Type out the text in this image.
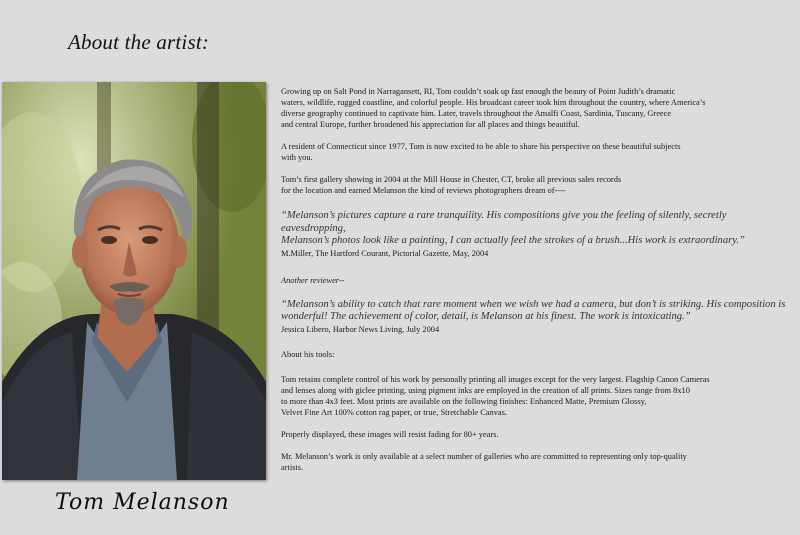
About the artist:
Tom Melanson

Growing up on Salt Pond in Narragansett, RI, Tom couldn’t soak up fast enough the beauty of Point Judith’s dramatic
waters, wildlife, rugged coastline, and colorful people. His broadcast career took him throughout the country, where America’s
diverse geography continued to captivate him. Later, travels throughout the Amalfi Coast, Sardinia, Tuscany, Greece
and central Europe, further broadened his appreciation for all places and things beautiful.

A resident of Connecticut since 1977, Tom is now excited to be able to share his perspective on these beautiful subjects
with you.

Tom’s first gallery showing in 2004 at the Mill House in Chester, CT, broke all previous sales records
for the location and earned Melanson the kind of reviews photographers dream of----

“Melanson’s pictures capture a rare tranquility. His compositions give you the feeling of silently, secretly eavesdropping,
Melanson’s photos look like a painting, I can actually feel the strokes of a brush...His work is extraordinary.”

M.Miller, The Hartford Courant, Pictorial Gazette, May, 2004

Another reviewer--

“Melanson’s ability to catch that rare moment when we wish we had a camera, but don’t is striking. His composition is
wonderful! The achievement of color, detail, is Melanson at his finest. The work is intoxicating.”

Jessica Libero, Harbor News Living, July 2004

About his tools:

Tom retains complete control of his work by personally printing all images except for the very largest. Flagship Canon Cameras
and lenses along with giclee printing, using pigment inks are employed in the creation of all prints. Sizes range from 8x10
to more than 4x3 feet. Most prints are available on the following finishes: Enhanced Matte, Premium Glossy,
Velvet Fine Art 100% cotton rag paper, or true, Stretchable Canvas.

Properly displayed, these images will resist fading for 80+ years.

Mr. Melanson’s work is only available at a select number of galleries who are committed to representing only top-quality
artists.
